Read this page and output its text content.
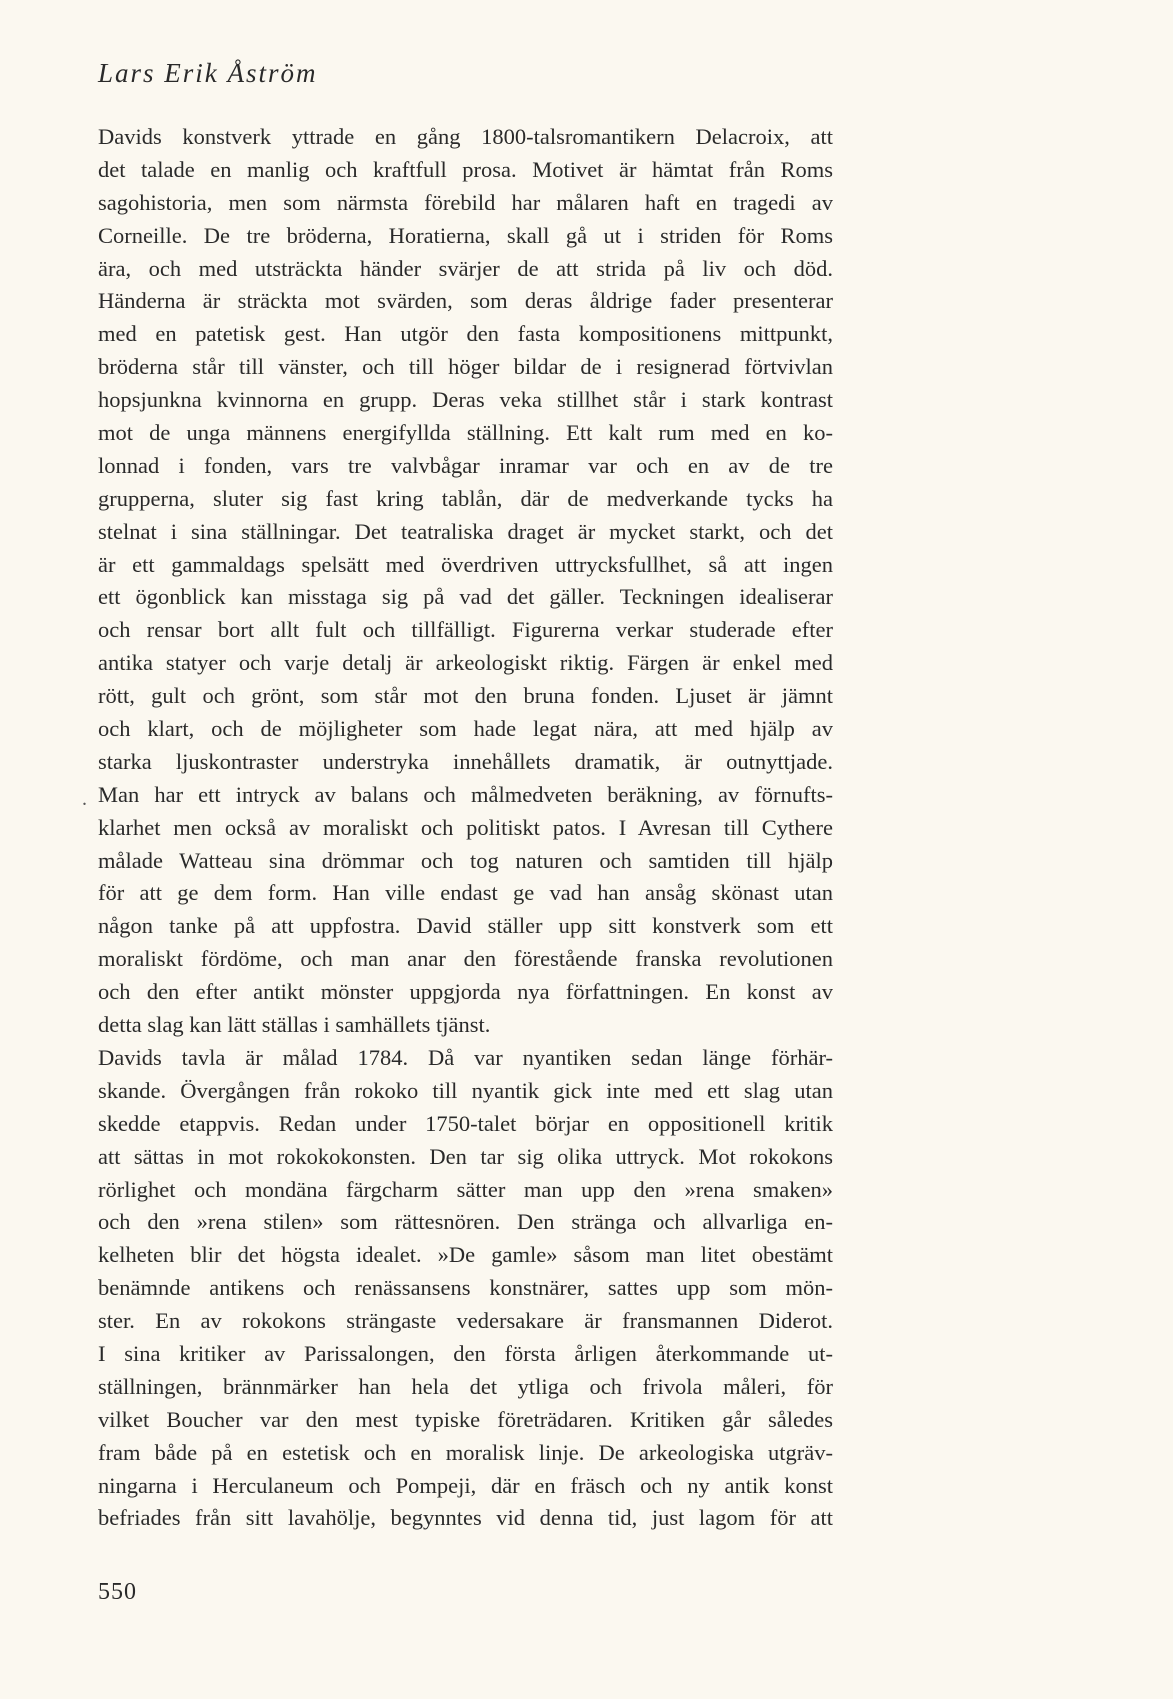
Lars Erik Åström
Davids konstverk yttrade en gång 1800-talsromantikern Delacroix, att
det talade en manlig och kraftfull prosa. Motivet är hämtat från Roms
sagohistoria, men som närmsta förebild har målaren haft en tragedi av
Corneille. De tre bröderna, Horatierna, skall gå ut i striden för Roms
ära, och med utsträckta händer svärjer de att strida på liv och död.
Händerna är sträckta mot svärden, som deras åldrige fader presenterar
med en patetisk gest. Han utgör den fasta kompositionens mittpunkt,
bröderna står till vänster, och till höger bildar de i resignerad förtvivlan
hopsjunkna kvinnorna en grupp. Deras veka stillhet står i stark kontrast
mot de unga männens energifyllda ställning. Ett kalt rum med en ko-
lonnad i fonden, vars tre valvbågar inramar var och en av de tre
grupperna, sluter sig fast kring tablån, där de medverkande tycks ha
stelnat i sina ställningar. Det teatraliska draget är mycket starkt, och det
är ett gammaldags spelsätt med överdriven uttrycksfullhet, så att ingen
ett ögonblick kan misstaga sig på vad det gäller. Teckningen idealiserar
och rensar bort allt fult och tillfälligt. Figurerna verkar studerade efter
antika statyer och varje detalj är arkeologiskt riktig. Färgen är enkel med
rött, gult och grönt, som står mot den bruna fonden. Ljuset är jämnt
och klart, och de möjligheter som hade legat nära, att med hjälp av
starka ljuskontraster understryka innehållets dramatik, är outnyttjade.
Man har ett intryck av balans och målmedveten beräkning, av förnufts-
klarhet men också av moraliskt och politiskt patos. I Avresan till Cythere
målade Watteau sina drömmar och tog naturen och samtiden till hjälp
för att ge dem form. Han ville endast ge vad han ansåg skönast utan
någon tanke på att uppfostra. David ställer upp sitt konstverk som ett
moraliskt fördöme, och man anar den förestående franska revolutionen
och den efter antikt mönster uppgjorda nya författningen. En konst av
detta slag kan lätt ställas i samhällets tjänst.
Davids tavla är målad 1784. Då var nyantiken sedan länge förhär-
skande. Övergången från rokoko till nyantik gick inte med ett slag utan
skedde etappvis. Redan under 1750-talet börjar en oppositionell kritik
att sättas in mot rokokokonsten. Den tar sig olika uttryck. Mot rokokons
rörlighet och mondäna färgcharm sätter man upp den »rena smaken»
och den »rena stilen» som rättesnören. Den stränga och allvarliga en-
kelheten blir det högsta idealet. »De gamle» såsom man litet obestämt
benämnde antikens och renässansens konstnärer, sattes upp som mön-
ster. En av rokokons strängaste vedersakare är fransmannen Diderot.
I sina kritiker av Parissalongen, den första årligen återkommande ut-
ställningen, brännmärker han hela det ytliga och frivola måleri, för
vilket Boucher var den mest typiske företrädaren. Kritiken går således
fram både på en estetisk och en moralisk linje. De arkeologiska utgräv-
ningarna i Herculaneum och Pompeji, där en fräsch och ny antik konst
befriades från sitt lavahölje, begynntes vid denna tid, just lagom för att
.
550
